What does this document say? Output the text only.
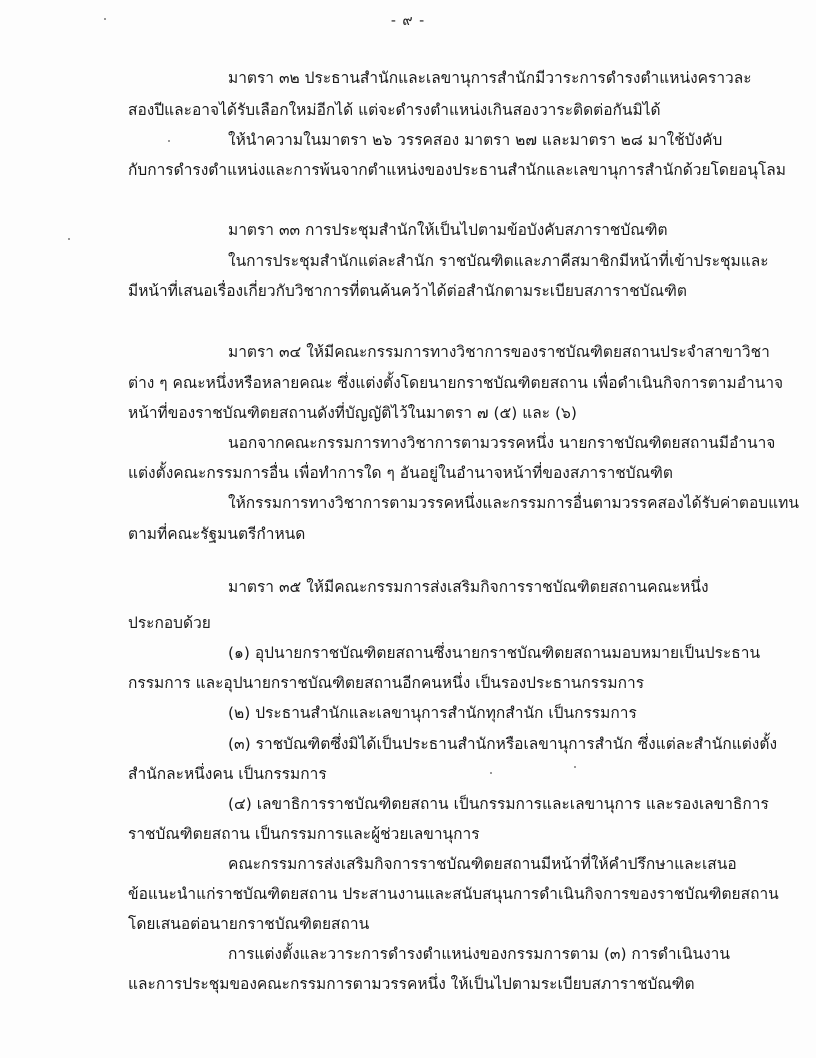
- ๙ -
มาตรา ๓๒ ประธานสำนักและเลขานุการสำนักมีวาระการดำรงตำแหน่งคราวละ
สองปีและอาจได้รับเลือกใหม่อีกได้ แต่จะดำรงตำแหน่งเกินสองวาระติดต่อกันมิได้
ให้นำความในมาตรา ๒๖ วรรคสอง มาตรา ๒๗ และมาตรา ๒๘ มาใช้บังคับ
กับการดำรงตำแหน่งและการพ้นจากตำแหน่งของประธานสำนักและเลขานุการสำนักด้วยโดยอนุโลม
มาตรา ๓๓ การประชุมสำนักให้เป็นไปตามข้อบังคับสภาราชบัณฑิต
ในการประชุมสำนักแต่ละสำนัก ราชบัณฑิตและภาคีสมาชิกมีหน้าที่เข้าประชุมและ
มีหน้าที่เสนอเรื่องเกี่ยวกับวิชาการที่ตนค้นคว้าได้ต่อสำนักตามระเบียบสภาราชบัณฑิต
มาตรา ๓๔ ให้มีคณะกรรมการทางวิชาการของราชบัณฑิตยสถานประจำสาขาวิชา
ต่าง ๆ คณะหนึ่งหรือหลายคณะ ซึ่งแต่งตั้งโดยนายกราชบัณฑิตยสถาน เพื่อดำเนินกิจการตามอำนาจ
หน้าที่ของราชบัณฑิตยสถานดังที่บัญญัติไว้ในมาตรา ๗ (๕) และ (๖)
นอกจากคณะกรรมการทางวิชาการตามวรรคหนึ่ง นายกราชบัณฑิตยสถานมีอำนาจ
แต่งตั้งคณะกรรมการอื่น เพื่อทำการใด ๆ อันอยู่ในอำนาจหน้าที่ของสภาราชบัณฑิต
ให้กรรมการทางวิชาการตามวรรคหนึ่งและกรรมการอื่นตามวรรคสองได้รับค่าตอบแทน
ตามที่คณะรัฐมนตรีกำหนด
มาตรา ๓๕ ให้มีคณะกรรมการส่งเสริมกิจการราชบัณฑิตยสถานคณะหนึ่ง
ประกอบด้วย
(๑) อุปนายกราชบัณฑิตยสถานซึ่งนายกราชบัณฑิตยสถานมอบหมายเป็นประธาน
กรรมการ และอุปนายกราชบัณฑิตยสถานอีกคนหนึ่ง เป็นรองประธานกรรมการ
(๒) ประธานสำนักและเลขานุการสำนักทุกสำนัก เป็นกรรมการ
(๓) ราชบัณฑิตซึ่งมิได้เป็นประธานสำนักหรือเลขานุการสำนัก ซึ่งแต่ละสำนักแต่งตั้ง
สำนักละหนึ่งคน เป็นกรรมการ
(๔) เลขาธิการราชบัณฑิตยสถาน เป็นกรรมการและเลขานุการ และรองเลขาธิการ
ราชบัณฑิตยสถาน เป็นกรรมการและผู้ช่วยเลขานุการ
คณะกรรมการส่งเสริมกิจการราชบัณฑิตยสถานมีหน้าที่ให้คำปรึกษาและเสนอ
ข้อแนะนำแก่ราชบัณฑิตยสถาน ประสานงานและสนับสนุนการดำเนินกิจการของราชบัณฑิตยสถาน
โดยเสนอต่อนายกราชบัณฑิตยสถาน
การแต่งตั้งและวาระการดำรงตำแหน่งของกรรมการตาม (๓) การดำเนินงาน
และการประชุมของคณะกรรมการตามวรรคหนึ่ง ให้เป็นไปตามระเบียบสภาราชบัณฑิต
